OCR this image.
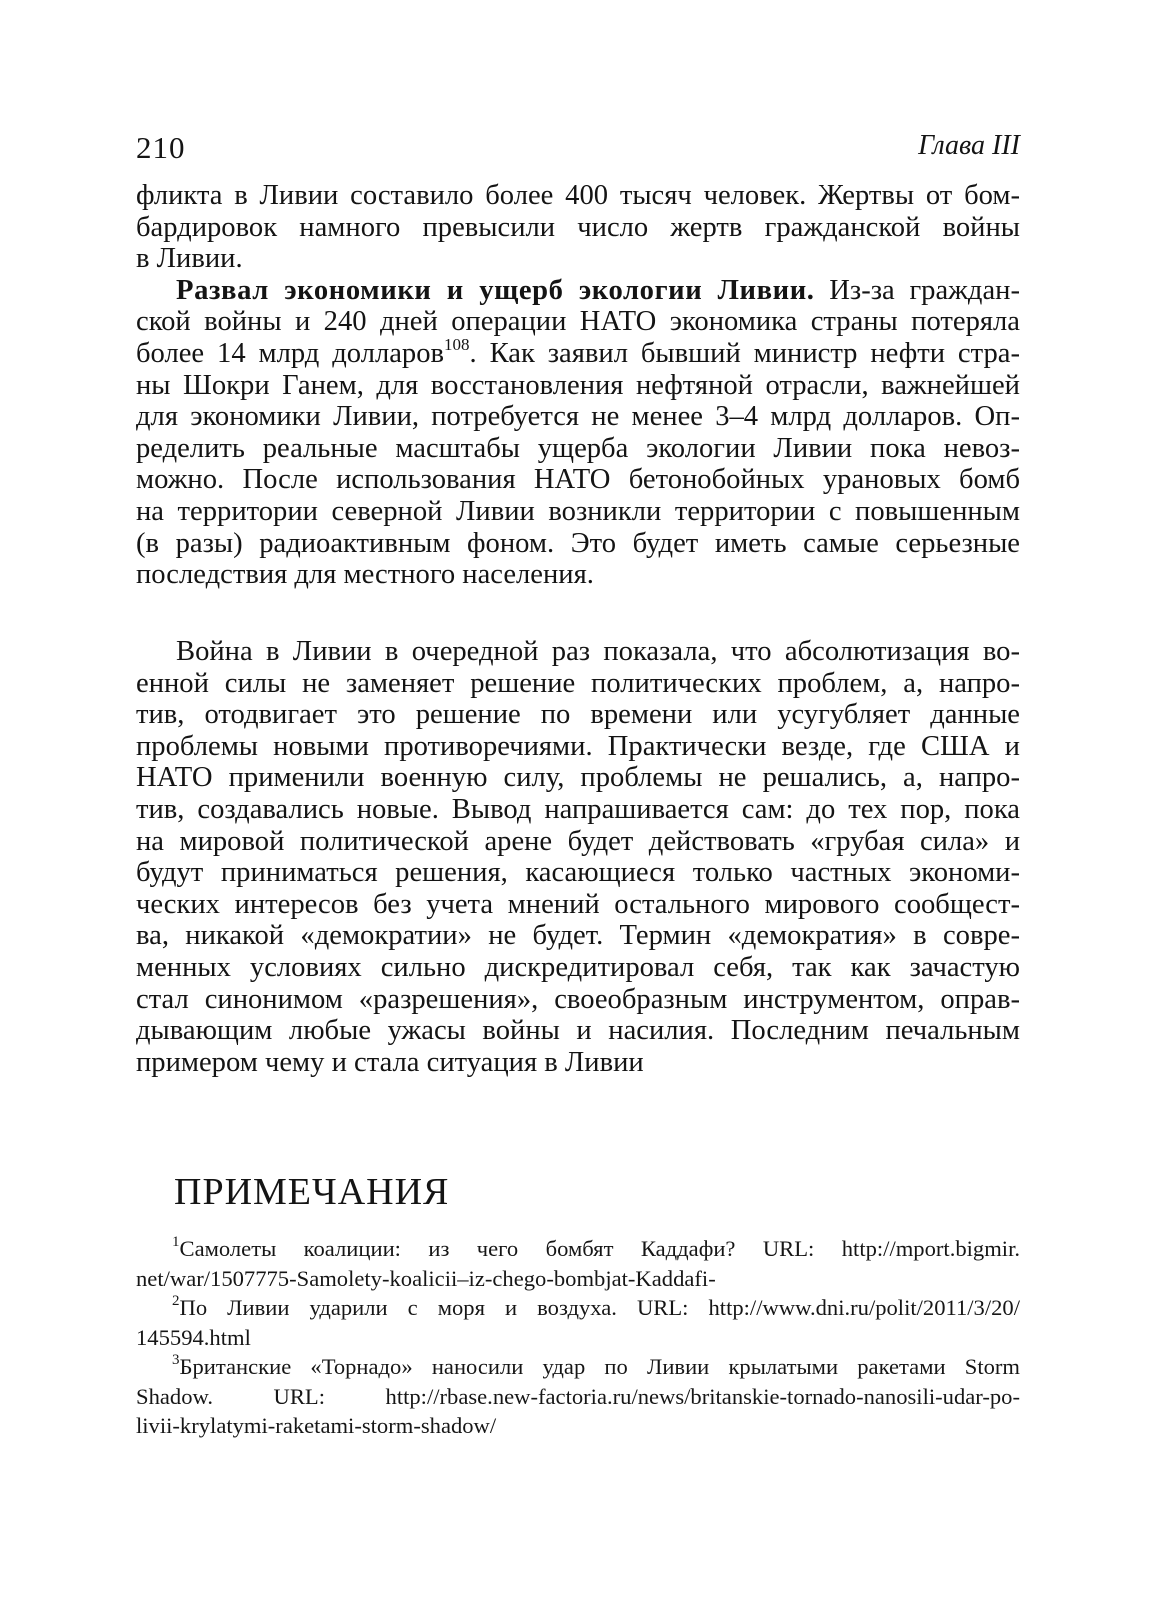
210	Глава III
фликта в Ливии составило более 400 тысяч человек. Жертвы от бом-
бардировок намного превысили число жертв гражданской войны
в Ливии.
Развал экономики и ущерб экологии Ливии. Из-за граждан-
ской войны и 240 дней операции НАТО экономика страны потеряла
более 14 млрд долларов$^{108}$. Как заявил бывший министр нефти стра-
ны Шокри Ганем, для восстановления нефтяной отрасли, важнейшей
для экономики Ливии, потребуется не менее 3–4 млрд долларов. Оп-
ределить реальные масштабы ущерба экологии Ливии пока невоз-
можно. После использования НАТО бетонобойных урановых бомб
на территории северной Ливии возникли территории с повышенным
(в разы) радиоактивным фоном. Это будет иметь самые серьезные
последствия для местного населения.
Война в Ливии в очередной раз показала, что абсолютизация во-
енной силы не заменяет решение политических проблем, а, напро-
тив, отодвигает это решение по времени или усугубляет данные
проблемы новыми противоречиями. Практически везде, где США и
НАТО применили военную силу, проблемы не решались, а, напро-
тив, создавались новые. Вывод напрашивается сам: до тех пор, пока
на мировой политической арене будет действовать «грубая сила» и
будут приниматься решения, касающиеся только частных экономи-
ческих интересов без учета мнений остального мирового сообщест-
ва, никакой «демократии» не будет. Термин «демократия» в совре-
менных условиях сильно дискредитировал себя, так как зачастую
стал синонимом «разрешения», своеобразным инструментом, оправ-
дывающим любые ужасы войны и насилия. Последним печальным
примером чему и стала ситуация в Ливии
ПРИМЕЧАНИЯ
$^1$Самолеты коалиции: из чего бомбят Каддафи? URL: http://mport.bigmir.
net/war/1507775-Samolety-koalicii–iz-chego-bombjat-Kaddafi-
$^2$По Ливии ударили с моря и воздуха. URL: http://www.dni.ru/polit/2011/3/20/
145594.html
$^3$Британские «Торнадо» наносили удар по Ливии крылатыми ракетами Storm
Shadow. URL: http://rbase.new-factoria.ru/news/britanskie-tornado-nanosili-udar-po-
livii-krylatymi-raketami-storm-shadow/
